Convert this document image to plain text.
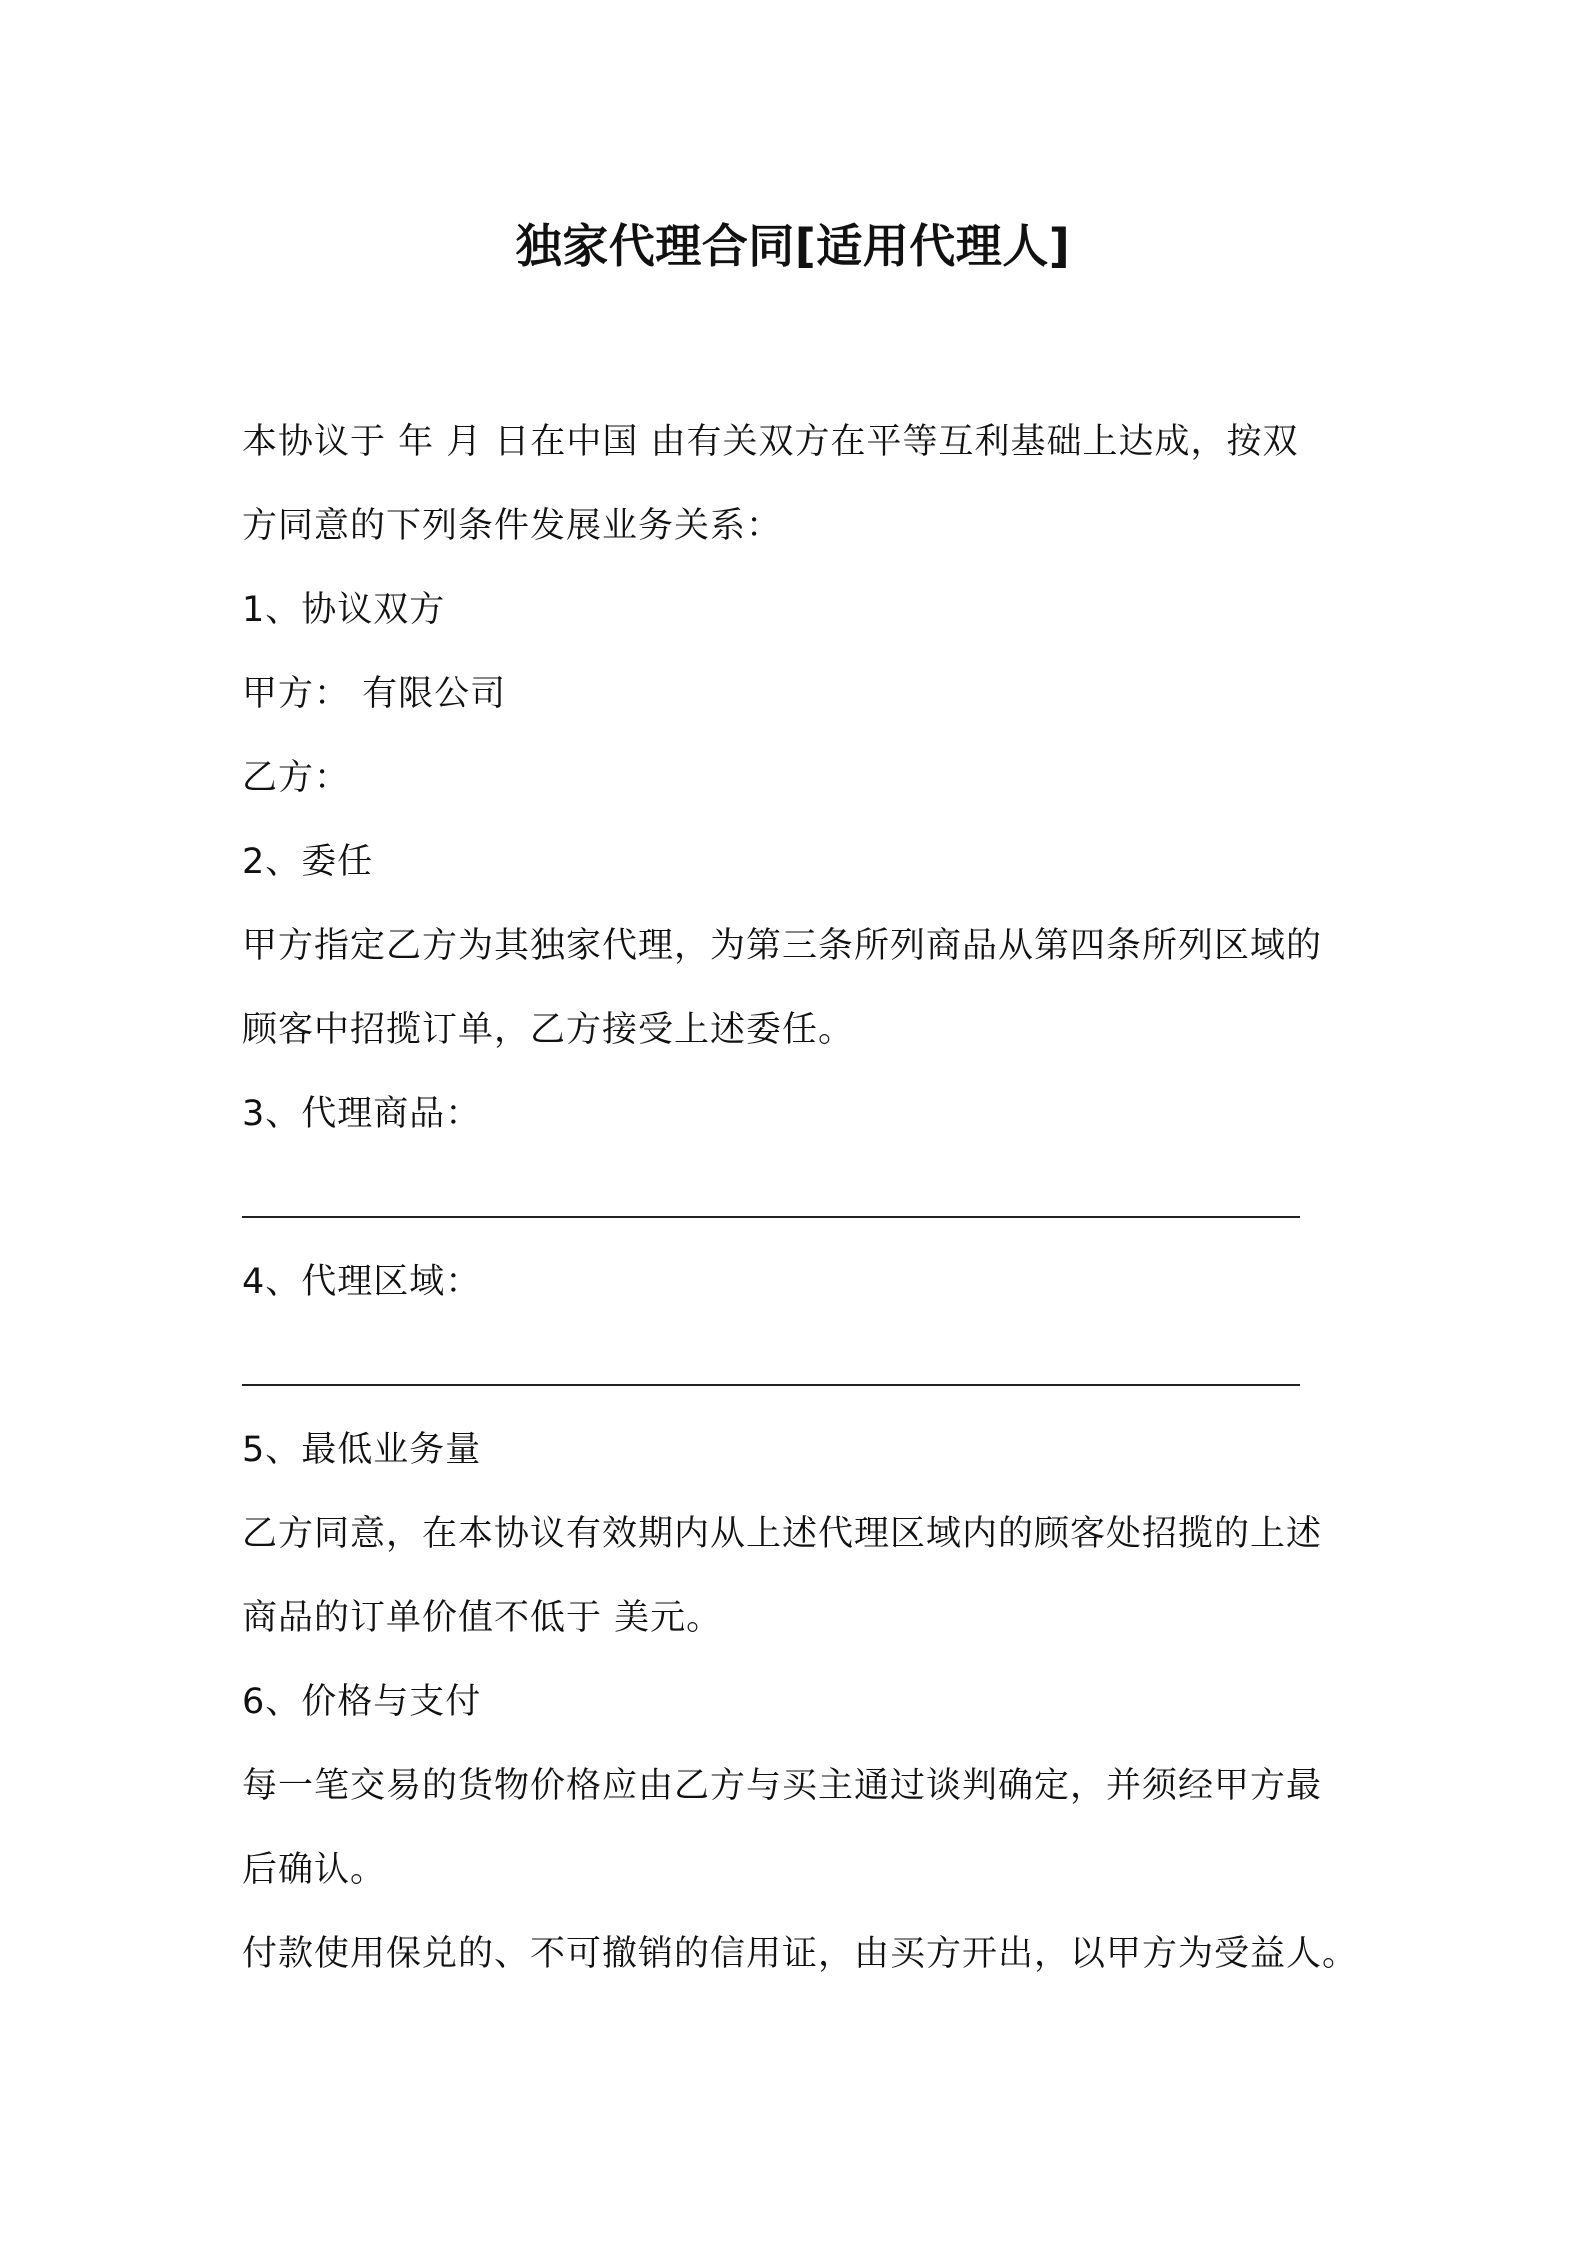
独家代理合同[适用代理人]
本协议于 年 月 日在中国 由有关双方在平等互利基础上达成，按双
方同意的下列条件发展业务关系：
1、协议双方
甲方： 有限公司
乙方：
2、委任
甲方指定乙方为其独家代理，为第三条所列商品从第四条所列区域的
顾客中招揽订单，乙方接受上述委任。
3、代理商品：
4、代理区域：
5、最低业务量
乙方同意，在本协议有效期内从上述代理区域内的顾客处招揽的上述
商品的订单价值不低于 美元。
6、价格与支付
每一笔交易的货物价格应由乙方与买主通过谈判确定，并须经甲方最
后确认。
付款使用保兑的、不可撤销的信用证，由买方开出，以甲方为受益人。
